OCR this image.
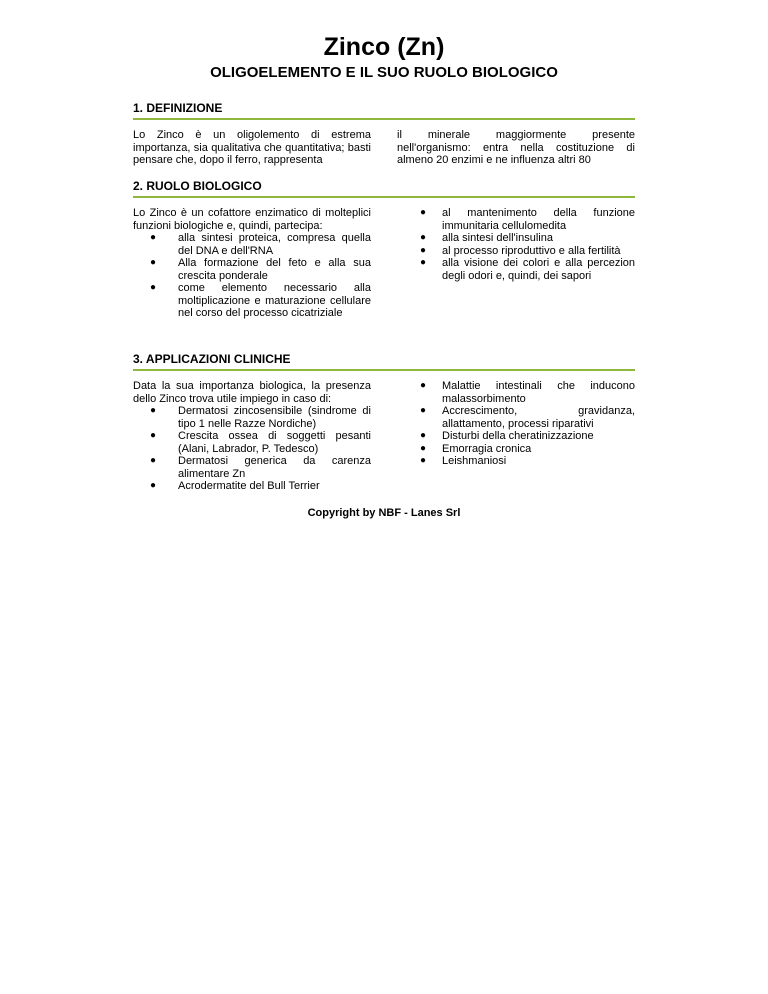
Zinco (Zn)
OLIGOELEMENTO E IL SUO RUOLO BIOLOGICO
1. DEFINIZIONE

Lo Zinco è un oligolemento di estrema importanza, sia qualitativa che quantitativa; basti pensare che, dopo il ferro, rappresenta

il minerale maggiormente presente nell'organismo: entra nella costituzione di almeno 20 enzimi e ne influenza altri 80

2. RUOLO BIOLOGICO

Lo Zinco è un cofattore enzimatico di molteplici funzioni biologiche e, quindi, partecipa:

● alla sintesi proteica, compresa quella del DNA e dell'RNA
● Alla formazione del feto e alla sua crescita ponderale
● come elemento necessario alla moltiplicazione e maturazione cellulare nel corso del processo cicatriziale
● al mantenimento della funzione immunitaria cellulomedita
● alla sintesi dell'insulina
● al processo riproduttivo e alla fertilità
● alla visione dei colori e alla percezion degli odori e, quindi, dei sapori
3. APPLICAZIONI CLINICHE

Data la sua importanza biologica, la presenza dello Zinco trova utile impiego in caso di:

● Dermatosi zincosensibile (sindrome di tipo 1 nelle Razze Nordiche)
● Crescita ossea di soggetti pesanti (Alani, Labrador, P. Tedesco)
● Dermatosi generica da carenza alimentare Zn
● Acrodermatite del Bull Terrier
● Malattie intestinali che inducono malassorbimento
● Accrescimento, gravidanza, allattamento, processi riparativi
● Disturbi della cheratinizzazione
● Emorragia cronica
● Leishmaniosi
Copyright by NBF - Lanes Srl
